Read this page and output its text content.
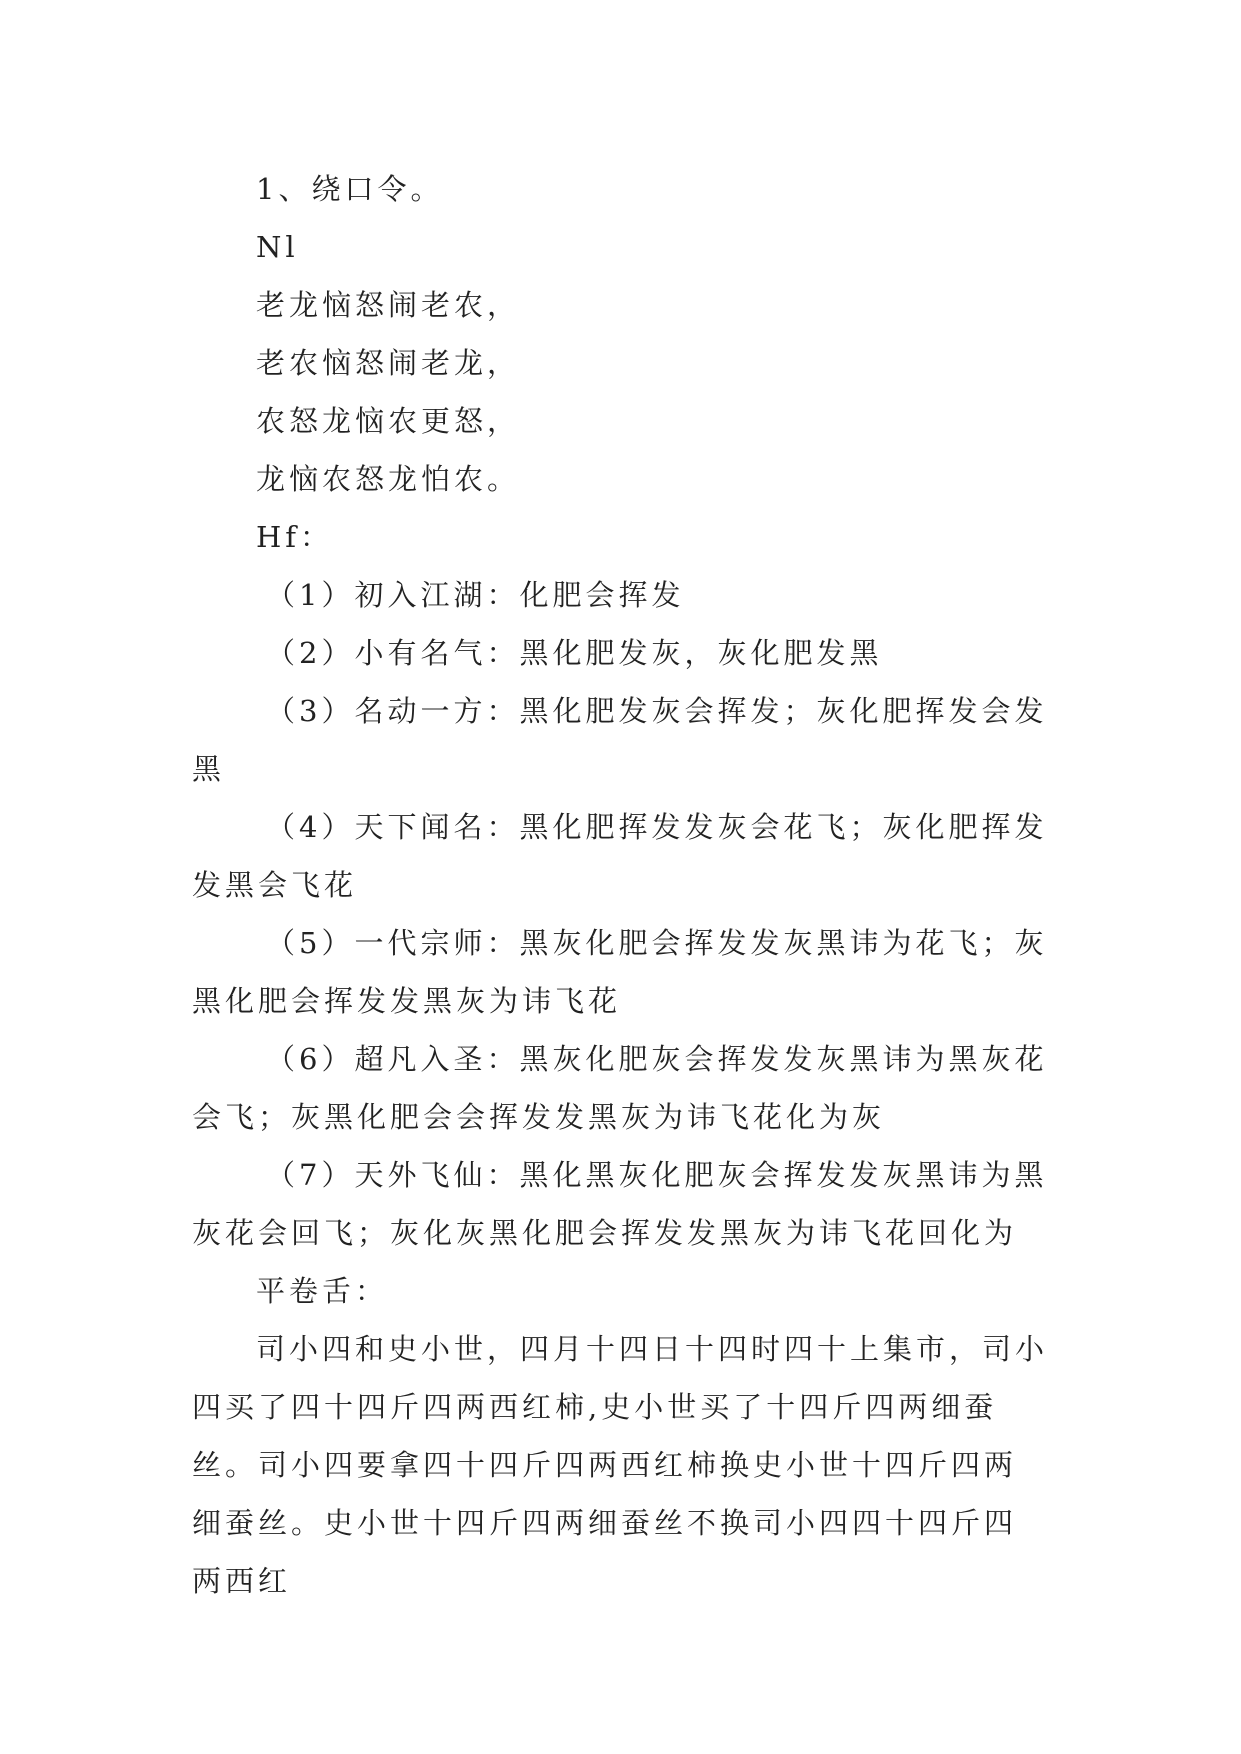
1、绕口令。

Nl

老龙恼怒闹老农，

老农恼怒闹老龙，

农怒龙恼农更怒，

龙恼农怒龙怕农。

Hf：

（1）初入江湖：化肥会挥发

（2）小有名气：黑化肥发灰，灰化肥发黑

（3）名动一方：黑化肥发灰会挥发；灰化肥挥发会发黑

（4）天下闻名：黑化肥挥发发灰会花飞；灰化肥挥发发黑会飞花

（5）一代宗师：黑灰化肥会挥发发灰黑讳为花飞；灰黑化肥会挥发发黑灰为讳飞花

（6）超凡入圣：黑灰化肥灰会挥发发灰黑讳为黑灰花会飞；灰黑化肥会会挥发发黑灰为讳飞花化为灰

（7）天外飞仙：黑化黑灰化肥灰会挥发发灰黑讳为黑灰花会回飞；灰化灰黑化肥会挥发发黑灰为讳飞花回化为

平卷舌：

司小四和史小世，四月十四日十四时四十上集市，司小四买了四十四斤四两西红柿,史小世买了十四斤四两细蚕丝。司小四要拿四十四斤四两西红柿换史小世十四斤四两细蚕丝。史小世十四斤四两细蚕丝不换司小四四十四斤四两西红
